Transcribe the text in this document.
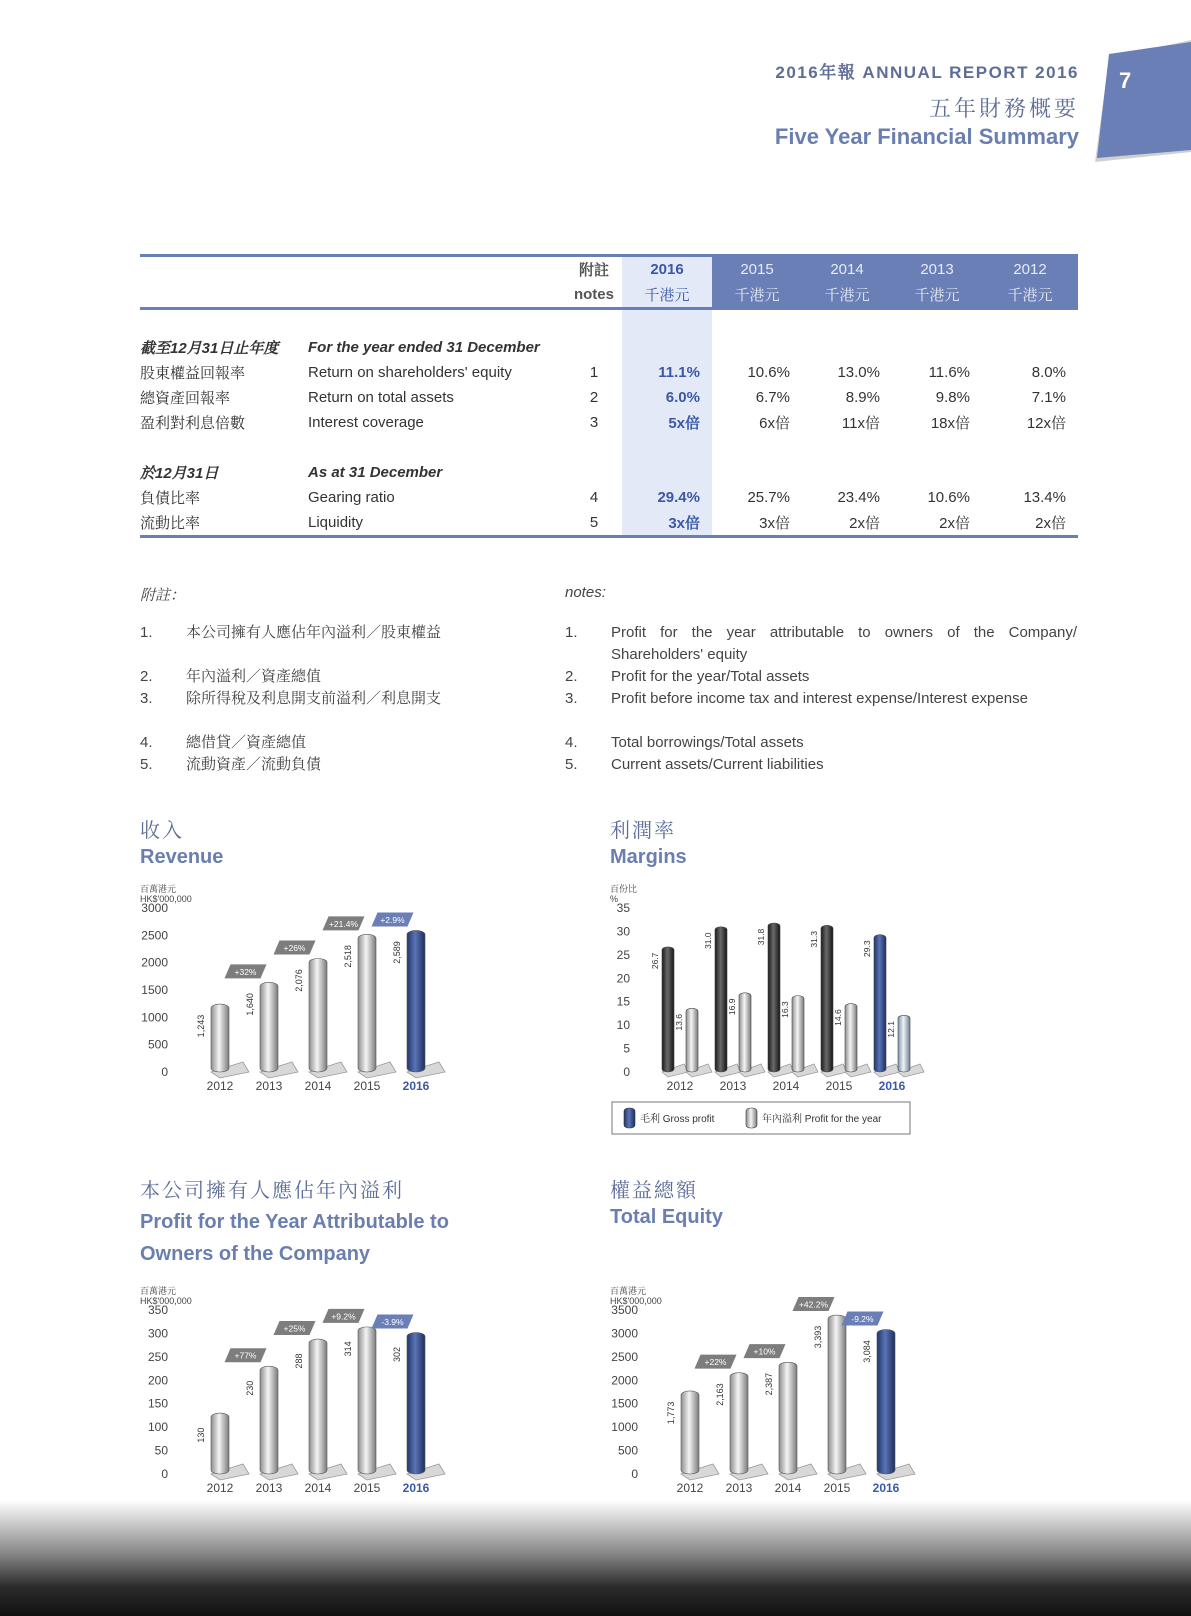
7
2016年報 ANNUAL REPORT 2016
五年財務概要
Five Year Financial Summary
		附註	2016	2015	2014	2013	2012
		notes	千港元	千港元	千港元	千港元	千港元

截至12月31日止年度	For the year ended 31 December						
股東權益回報率	Return on shareholders' equity	1	11.1%	10.6%	13.0%	11.6%	8.0%
總資產回報率	Return on total assets	2	6.0%	6.7%	8.9%	9.8%	7.1%
盈利對利息倍數	Interest coverage	3	5x倍	6x倍	11x倍	18x倍	12x倍

於12月31日	As at 31 December						
負債比率	Gearing ratio	4	29.4%	25.7%	23.4%	10.6%	13.4%
流動比率	Liquidity	5	3x倍	3x倍	2x倍	2x倍	2x倍
附註：	notes:
1.	本公司擁有人應佔年內溢利／股東權益
2.	年內溢利／資產總值
3.	除所得稅及利息開支前溢利／利息開支
4.	總借貸／資產總值
5.	流動資產／流動負債
1.	Profit for the year attributable to owners of the Company/ Shareholders' equity
2.	Profit for the year/Total assets
3.	Profit before income tax and interest expense/Interest expense
4.	Total borrowings/Total assets
5.	Current assets/Current liabilities
收入
Revenue
利潤率
Margins
本公司擁有人應佔年內溢利
Profit for the Year Attributable to Owners of the Company
權益總額
Total Equity
百萬港元
HK$'000,000
0
500
1000
1500
2000
2500
3000
1,243
2012
1,640
2013
2,076
2014
2,518
2015
2,589
2016
+32%
+26%
+21.4%	+2.9%
百份比
%
0
5
10
15
20
25
30
35
26.7
13.6
2012
31.0
16.9
2013
31.8
16.3
2014
31.3
14.6
2015
29.3
12.1
2016
毛利 Gross profit	年內溢利 Profit for the year
百萬港元
HK$'000,000
0
50
100
150
200
250
300
350
130
2012
230
2013
288
2014
314
2015
302
2016
+77%
+25%
+9.2%
-3.9%
百萬港元
HK$'000,000
0
500
1000
1500
2000
2500
3000
3500
1,773
2012
2,163
2013
2,387
2014
3,393
2015
3,084
2016
+22%
+10%
+42.2%
-9.2%
